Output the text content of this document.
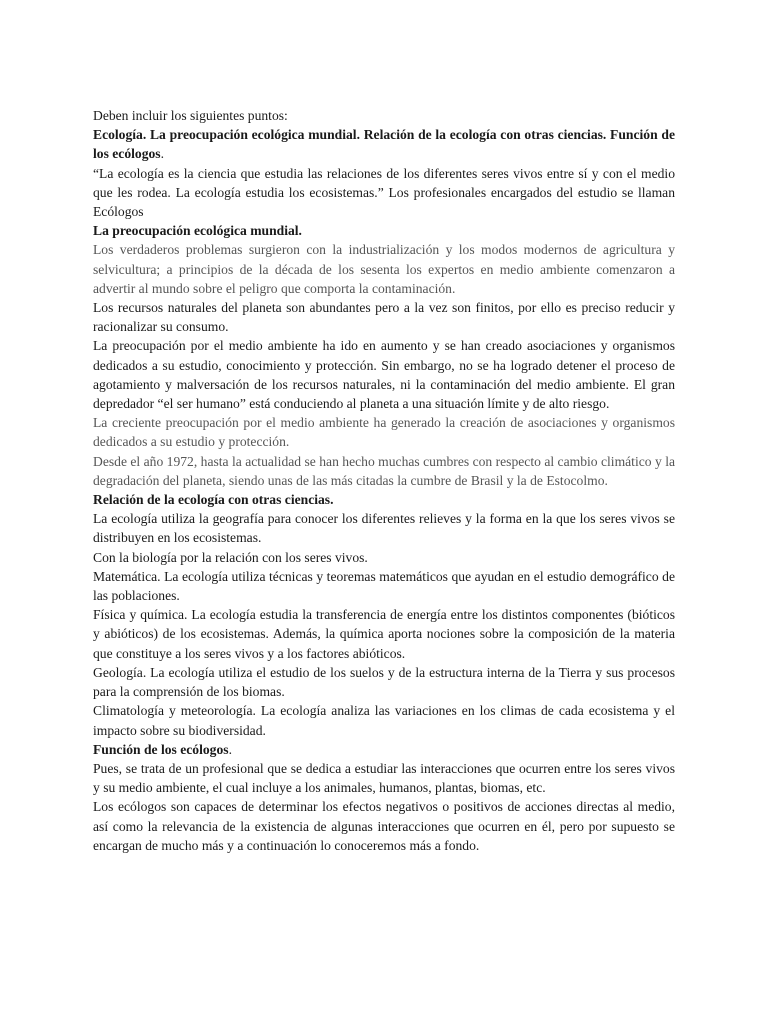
Deben incluir los siguientes puntos:

Ecología. La preocupación ecológica mundial. Relación de la ecología con otras ciencias. Función de los ecólogos.

“La ecología es la ciencia que estudia las relaciones de los diferentes seres vivos entre sí y con el medio que les rodea. La ecología estudia los ecosistemas.” Los profesionales encargados del estudio se llaman Ecólogos

La preocupación ecológica mundial.

Los verdaderos problemas surgieron con la industrialización y los modos modernos de agricultura y selvicultura; a principios de la década de los sesenta los expertos en medio ambiente comenzaron a advertir al mundo sobre el peligro que comporta la contaminación.

Los recursos naturales del planeta son abundantes pero a la vez son finitos, por ello es preciso reducir y racionalizar su consumo.

La preocupación por el medio ambiente ha ido en aumento y se han creado asociaciones y organismos dedicados a su estudio, conocimiento y protección. Sin embargo, no se ha logrado detener el proceso de agotamiento y malversación de los recursos naturales, ni la contaminación del medio ambiente. El gran depredador “el ser humano” está conduciendo al planeta a una situación límite y de alto riesgo.

La creciente preocupación por el medio ambiente ha generado la creación de asociaciones y organismos dedicados a su estudio y protección.

Desde el año 1972, hasta la actualidad se han hecho muchas cumbres con respecto al cambio climático y la degradación del planeta, siendo unas de las más citadas la cumbre de Brasil y la de Estocolmo.

Relación de la ecología con otras ciencias.

La ecología utiliza la geografía para conocer los diferentes relieves y la forma en la que los seres vivos se distribuyen en los ecosistemas.

Con la biología por la relación con los seres vivos.

Matemática. La ecología utiliza técnicas y teoremas matemáticos que ayudan en el estudio demográfico de las poblaciones.

Física y química. La ecología estudia la transferencia de energía entre los distintos componentes (bióticos y abióticos) de los ecosistemas. Además, la química aporta nociones sobre la composición de la materia que constituye a los seres vivos y a los factores abióticos.

Geología. La ecología utiliza el estudio de los suelos y de la estructura interna de la Tierra y sus procesos para la comprensión de los biomas.

Climatología y meteorología. La ecología analiza las variaciones en los climas de cada ecosistema y el impacto sobre su biodiversidad.

Función de los ecólogos.

Pues, se trata de un profesional que se dedica a estudiar las interacciones que ocurren entre los seres vivos y su medio ambiente, el cual incluye a los animales, humanos, plantas, biomas, etc.

Los ecólogos son capaces de determinar los efectos negativos o positivos de acciones directas al medio, así como la relevancia de la existencia de algunas interacciones que ocurren en él, pero por supuesto se encargan de mucho más y a continuación lo conoceremos más a fondo.
